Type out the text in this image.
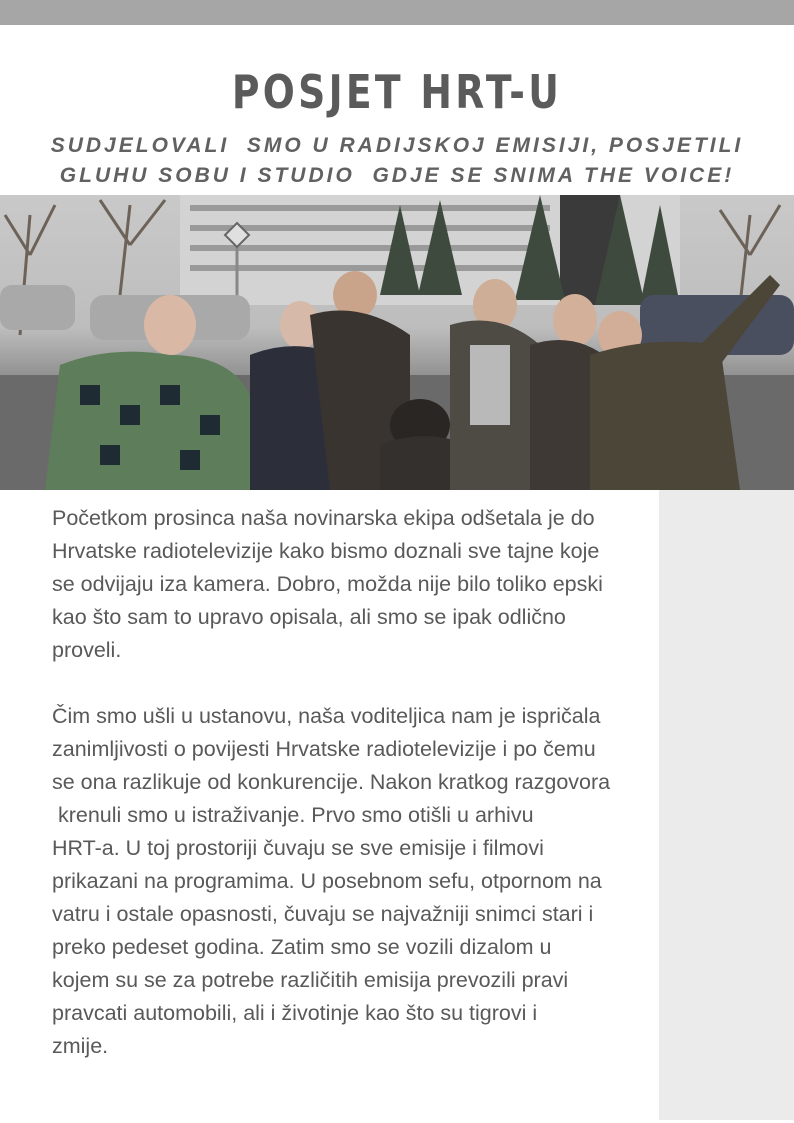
POSJET HRT-U
SUDJELOVALI  SMO U RADIJSKOJ EMISIJI, POSJETILI
GLUHU SOBU I STUDIO  GDJE SE SNIMA THE VOICE!

Početkom prosinca naša novinarska ekipa odšetala je do
Hrvatske radiotelevizije kako bismo doznali sve tajne koje
se odvijaju iza kamera. Dobro, možda nije bilo toliko epski
kao što sam to upravo opisala, ali smo se ipak odlično
proveli.

Čim smo ušli u ustanovu, naša voditeljica nam je ispričala
zanimljivosti o povijesti Hrvatske radiotelevizije i po čemu
se ona razlikuje od konkurencije. Nakon kratkog razgovora
krenuli smo u istraživanje. Prvo smo otišli u arhivu
HRT-a. U toj prostoriji čuvaju se sve emisije i filmovi
prikazani na programima. U posebnom sefu, otpornom na
vatru i ostale opasnosti, čuvaju se najvažniji snimci stari i
preko pedeset godina. Zatim smo se vozili dizalom u
kojem su se za potrebe različitih emisija prevozili pravi
pravcati automobili, ali i životinje kao što su tigrovi i
zmije.
